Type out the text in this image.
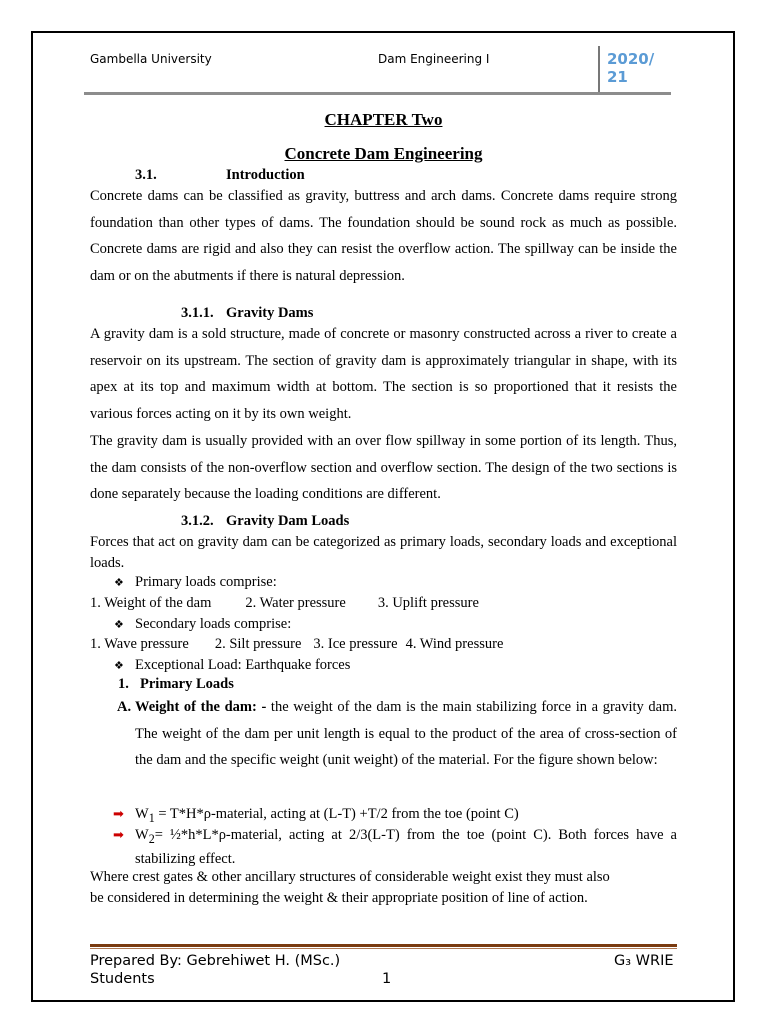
Gambella University	Dam Engineering I	2020/
21
CHAPTER Two
Concrete Dam Engineering
3.1.	Introduction

Concrete dams can be classified as gravity, buttress and arch dams. Concrete dams require strong foundation than other types of dams. The foundation should be sound rock as much as possible. Concrete dams are rigid and also they can resist the overflow action. The spillway can be inside the dam or on the abutments if there is natural depression.

3.1.1. Gravity Dams

A gravity dam is a sold structure, made of concrete or masonry constructed across a river to create a reservoir on its upstream. The section of gravity dam is approximately triangular in shape, with its apex at its top and maximum width at bottom. The section is so proportioned that it resists the various forces acting on it by its own weight.

The gravity dam is usually provided with an over flow spillway in some portion of its length. Thus, the dam consists of the non-overflow section and overflow section. The design of the two sections is done separately because the loading conditions are different.

3.1.2. Gravity Dam Loads

Forces that act on gravity dam can be categorized as primary loads, secondary loads and exceptional loads.

❖ Primary loads comprise:
1. Weight of the dam 2. Water pressure 3. Uplift pressure
❖ Secondary loads comprise:
1. Wave pressure 2. Silt pressure 3. Ice pressure 4. Wind pressure
❖ Exceptional Load: Earthquake forces
1. Primary Loads
A. Weight of the dam: - the weight of the dam is the main stabilizing force in a gravity dam. The weight of the dam per unit length is equal to the product of the area of cross-section of the dam and the specific weight (unit weight) of the material. For the figure shown below:
➡ $W_1$ = T*H*ρ-material, acting at (L-T) +T/2 from the toe (point C)
➡ $W_2=$ ½*h*L*ρ-material, acting at 2/3(L-T) from the toe (point C). Both forces have a stabilizing effect.
Where crest gates & other ancillary structures of considerable weight exist they must also
be considered in determining the weight & their appropriate position of line of action.
Prepared By: Gebrehiwet H. (MSc.)
Students
G₃ WRIE
1
